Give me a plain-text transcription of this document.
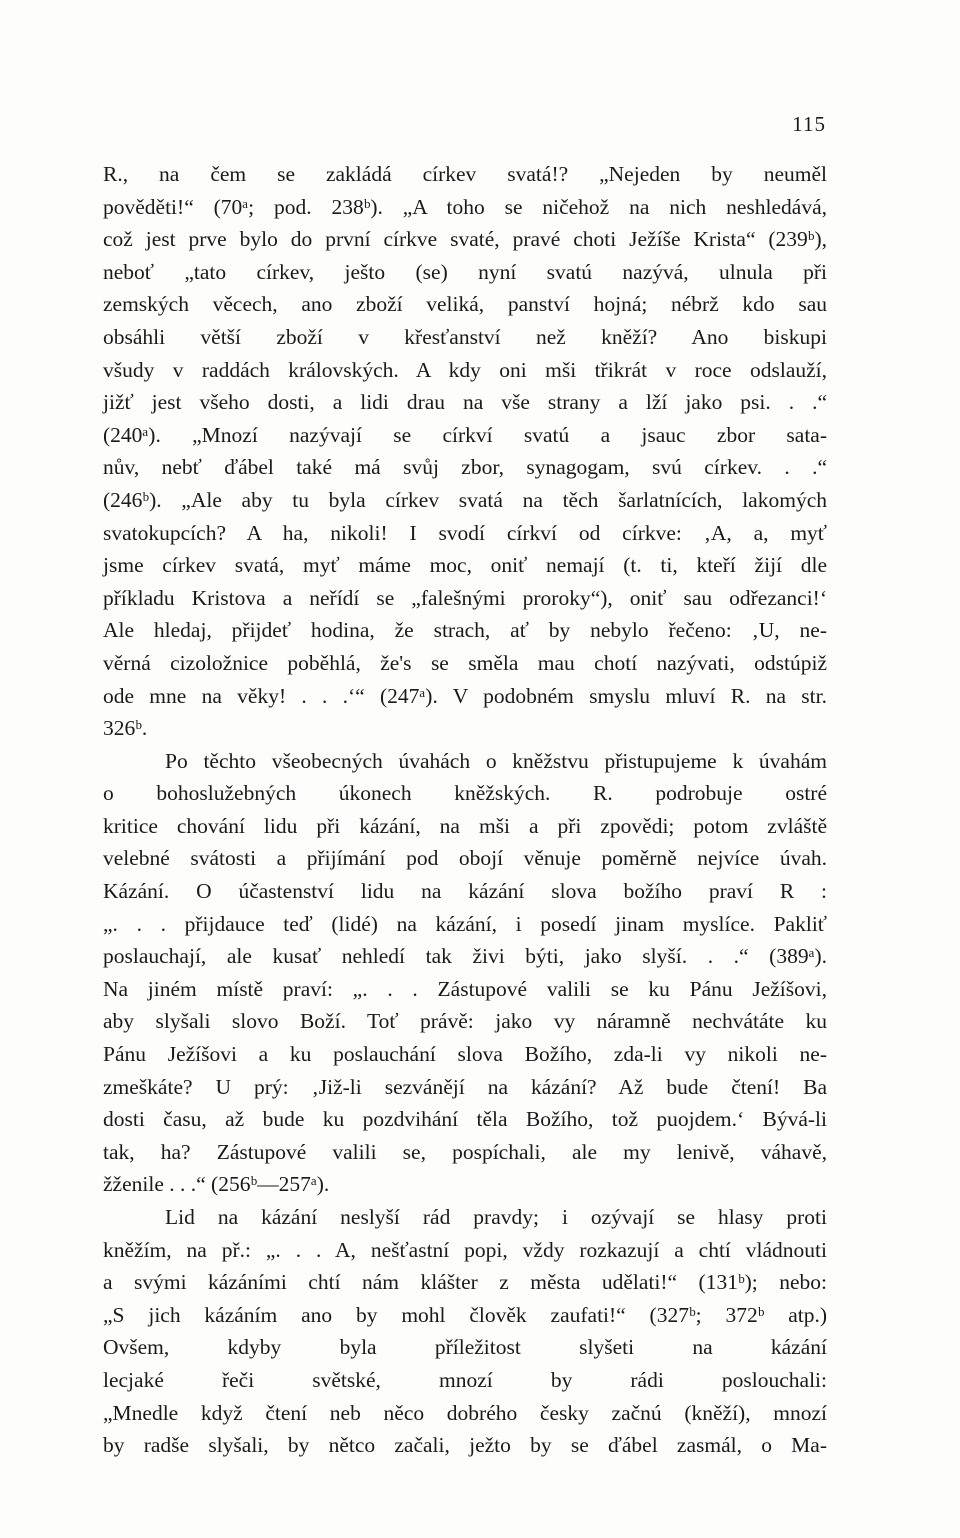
115
R., na čem se zakládá církev svatá!? „Nejeden by neuměl
pověděti!“ (70ᵃ; pod. 238ᵇ). „A toho se ničehož na nich neshledává,
což jest prve bylo do první církve svaté, pravé choti Ježíše Krista“ (239ᵇ),
neboť „tato církev, ješto (se) nyní svatú nazývá, ulnula při
zemských věcech, ano zboží veliká, panství hojná; nébrž kdo sau
obsáhli větší zboží v křesťanství než kněží? Ano biskupi
všudy v raddách královských. A kdy oni mši třikrát v roce odslauží,
jižť jest všeho dosti, a lidi drau na vše strany a lží jako psi. . .“
(240ᵃ). „Mnozí nazývají se církví svatú a jsauc zbor sata-
nův, nebť ďábel také má svůj zbor, synagogam, svú církev. . .“
(246ᵇ). „Ale aby tu byla církev svatá na těch šarlatnících, lakomých
svatokupcích? A ha, nikoli! I svodí církví od církve: ‚A, a, myť
jsme církev svatá, myť máme moc, oniť nemají (t. ti, kteří žijí dle
příkladu Kristova a neřídí se „falešnými proroky“), oniť sau odřezanci!‘
Ale hledaj, přijdeť hodina, že strach, ať by nebylo řečeno: ‚U, ne-
věrná cizoložnice poběhlá, že's se směla mau chotí nazývati, odstúpiž
ode mne na věky! . . .‘“ (247ᵃ). V podobném smyslu mluví R. na str.
326ᵇ.
Po těchto všeobecných úvahách o kněžstvu přistupujeme k úvahám
o bohoslužebných úkonech kněžských. R. podrobuje ostré
kritice chování lidu při kázání, na mši a při zpovědi; potom zvláště
velebné svátosti a přijímání pod obojí věnuje poměrně nejvíce úvah.
Kázání. O účastenství lidu na kázání slova božího praví R :
„. . . přijdauce teď (lidé) na kázání, i posedí jinam myslíce. Pakliť
poslauchají, ale kusať nehledí tak živi býti, jako slyší. . .“ (389ᵃ).
Na jiném místě praví: „. . . Zástupové valili se ku Pánu Ježíšovi,
aby slyšali slovo Boží. Toť právě: jako vy náramně nechvátáte ku
Pánu Ježíšovi a ku poslauchání slova Božího, zda-li vy nikoli ne-
zmeškáte? U prý: ‚Již-li sezváněјí na kázání? Až bude čtení! Ba
dosti času, až bude ku pozdvihání těla Božího, tož puojdem.‘ Bývá-li
tak, ha? Zástupové valili se, pospíchali, ale my lenivě, váhavě,
žženile . . .“ (256ᵇ—257ᵃ).
Lid na kázání neslyší rád pravdy; i ozývají se hlasy proti
kněžím, na př.: „. . . A, nešťastní popi, vždy rozkazují a chtí vládnouti
a svými kázáními chtí nám klášter z města udělati!“ (131ᵇ); nebo:
„S jich kázáním ano by mohl člověk zaufati!“ (327ᵇ; 372ᵇ atp.)
Ovšem, kdyby byla příležitost slyšeti na kázání
lecjaké řeči světské, mnozí by rádi poslouchali:
„Mnedle když čtení neb něco dobrého česky začnú (kněží), mnozí
by radše slyšali, by nětco začali, ježto by se ďábel zasmál, o Ma-
